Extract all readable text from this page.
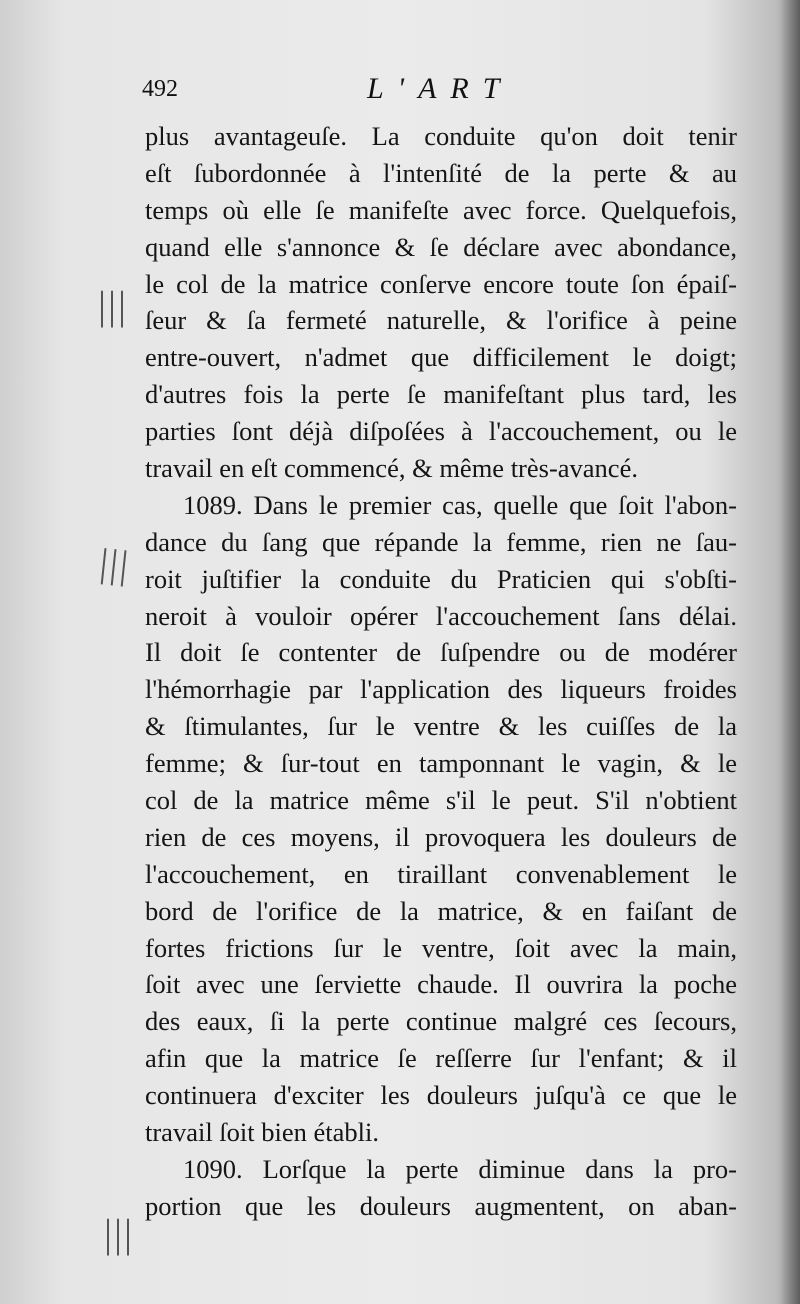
492	L'ART
|||
|||
|||
plus avantageuſe. La conduite qu'on doit tenir
eſt ſubordonnée à l'intenſité de la perte & au
temps où elle ſe manifeſte avec force. Quelquefois,
quand elle s'annonce & ſe déclare avec abondance,
le col de la matrice conſerve encore toute ſon épaiſ-
ſeur & ſa fermeté naturelle, & l'orifice à peine
entre-ouvert, n'admet que difficilement le doigt;
d'autres fois la perte ſe manifeſtant plus tard, les
parties ſont déjà diſpoſées à l'accouchement, ou le
travail en eſt commencé, & même très-avancé.
1089. Dans le premier cas, quelle que ſoit l'abon-
dance du ſang que répande la femme, rien ne ſau-
roit juſtifier la conduite du Praticien qui s'obſti-
neroit à vouloir opérer l'accouchement ſans délai.
Il doit ſe contenter de ſuſpendre ou de modérer
l'hémorrhagie par l'application des liqueurs froides
& ſtimulantes, ſur le ventre & les cuiſſes de la
femme; & ſur-tout en tamponnant le vagin, & le
col de la matrice même s'il le peut. S'il n'obtient
rien de ces moyens, il provoquera les douleurs de
l'accouchement, en tiraillant convenablement le
bord de l'orifice de la matrice, & en faiſant de
fortes frictions ſur le ventre, ſoit avec la main,
ſoit avec une ſerviette chaude. Il ouvrira la poche
des eaux, ſi la perte continue malgré ces ſecours,
afin que la matrice ſe reſſerre ſur l'enfant; & il
continuera d'exciter les douleurs juſqu'à ce que le
travail ſoit bien établi.
1090. Lorſque la perte diminue dans la pro-
portion que les douleurs augmentent, on aban-
